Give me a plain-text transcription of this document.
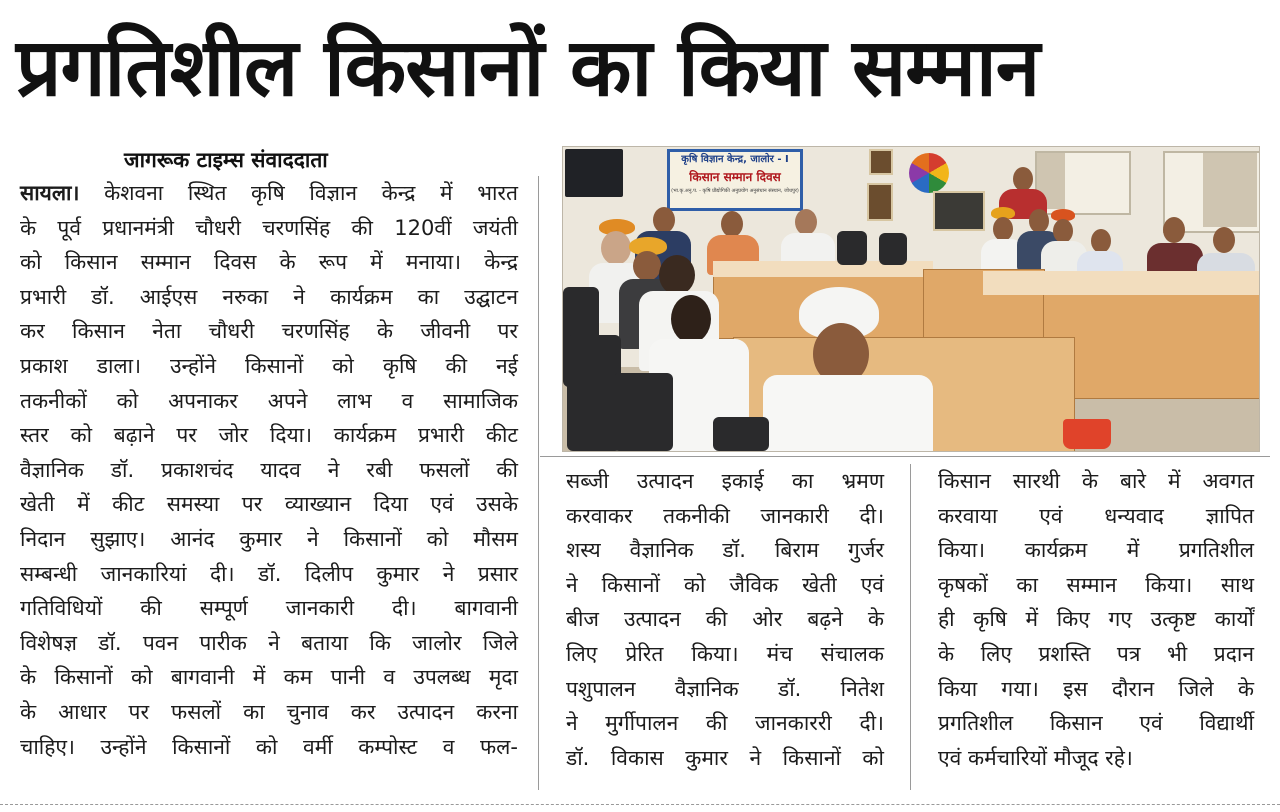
प्रगतिशील किसानों का किया सम्मान
जागरूक टाइम्स संवाददाता

सायला। केशवना स्थित कृषि विज्ञान केन्द्र में भारत

के पूर्व प्रधानमंत्री चौधरी चरणसिंह की 120वीं जयंती

को किसान सम्मान दिवस के रूप में मनाया। केन्द्र

प्रभारी डॉ. आईएस नरुका ने कार्यक्रम का उद्घाटन

कर किसान नेता चौधरी चरणसिंह के जीवनी पर

प्रकाश डाला। उन्होंने किसानों को कृषि की नई

तकनीकों को अपनाकर अपने लाभ व सामाजिक

स्तर को बढ़ाने पर जोर दिया। कार्यक्रम प्रभारी कीट

वैज्ञानिक डॉ. प्रकाशचंद यादव ने रबी फसलों की

खेती में कीट समस्या पर व्याख्यान दिया एवं उसके

निदान सुझाए। आनंद कुमार ने किसानों को मौसम

सम्बन्धी जानकारियां दी। डॉ. दिलीप कुमार ने प्रसार

गतिविधियों की सम्पूर्ण जानकारी दी। बागवानी

विशेषज्ञ डॉ. पवन पारीक ने बताया कि जालोर जिले

के किसानों को बागवानी में कम पानी व उपलब्ध मृदा

के आधार पर फसलों का चुनाव कर उत्पादन करना

चाहिए। उन्होंने किसानों को वर्मी कम्पोस्ट व फल-

कृषि विज्ञान केन्द्र, जालोर - I
किसान सम्मान दिवस
(भा.कृ.अनु.प. - कृषि प्रौद्योगिकी अनुप्रयोग अनुसंधान संस्थान, जोधपुर)

सब्जी उत्पादन इकाई का भ्रमण

करवाकर तकनीकी जानकारी दी।

शस्य वैज्ञानिक डॉ. बिराम गुर्जर

ने किसानों को जैविक खेती एवं

बीज उत्पादन की ओर बढ़ने के

लिए प्रेरित किया। मंच संचालक

पशुपालन वैज्ञानिक डॉ. नितेश

ने मुर्गीपालन की जानकाररी दी।

डॉ. विकास कुमार ने किसानों को

किसान सारथी के बारे में अवगत

करवाया एवं धन्यवाद ज्ञापित

किया। कार्यक्रम में प्रगतिशील

कृषकों का सम्मान किया। साथ

ही कृषि में किए गए उत्कृष्ट कार्यों

के लिए प्रशस्ति पत्र भी प्रदान

किया गया। इस दौरान जिले के

प्रगतिशील किसान एवं विद्यार्थी

एवं कर्मचारियों मौजूद रहे।
